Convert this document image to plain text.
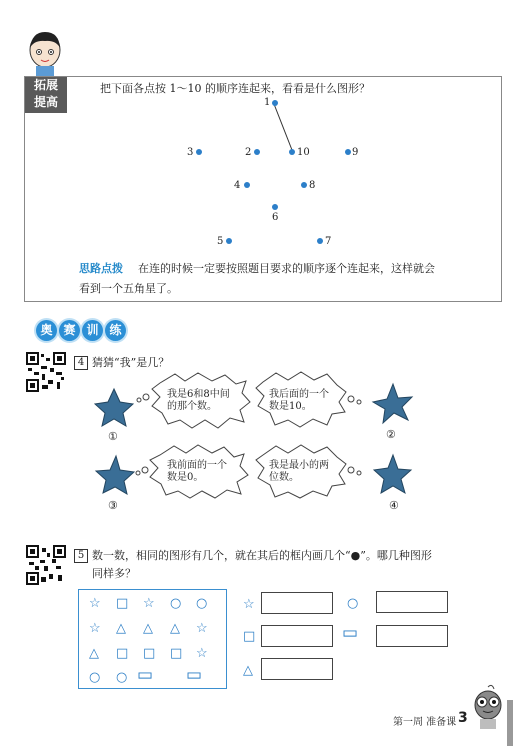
拓展
提高
把下面各点按 1～10 的顺序连起来，看看是什么图形？
1
2
3
4
5
6
7
8
9
10
思路点拨 在连的时候一定要按照题目要求的顺序逐个连起来，这样就会
看到一个五角星了。
奥 赛 训 练
4 猜猜“我”是几？
我是6和8中间
的那个数。
我后面的一个
数是10。
我前面的一个
数是0。
我是最小的两
位数。
①	②
③	④
5 数一数，相同的图形有几个，就在其后的框内画几个“●”。哪几种图形
同样多？
☆ □ ☆ ○ ○
☆ △ △ △ ☆
△ □ □ □ ☆
○ ○ ▭ ▭
☆	○
□	▭
△
第一周 准备课 3
